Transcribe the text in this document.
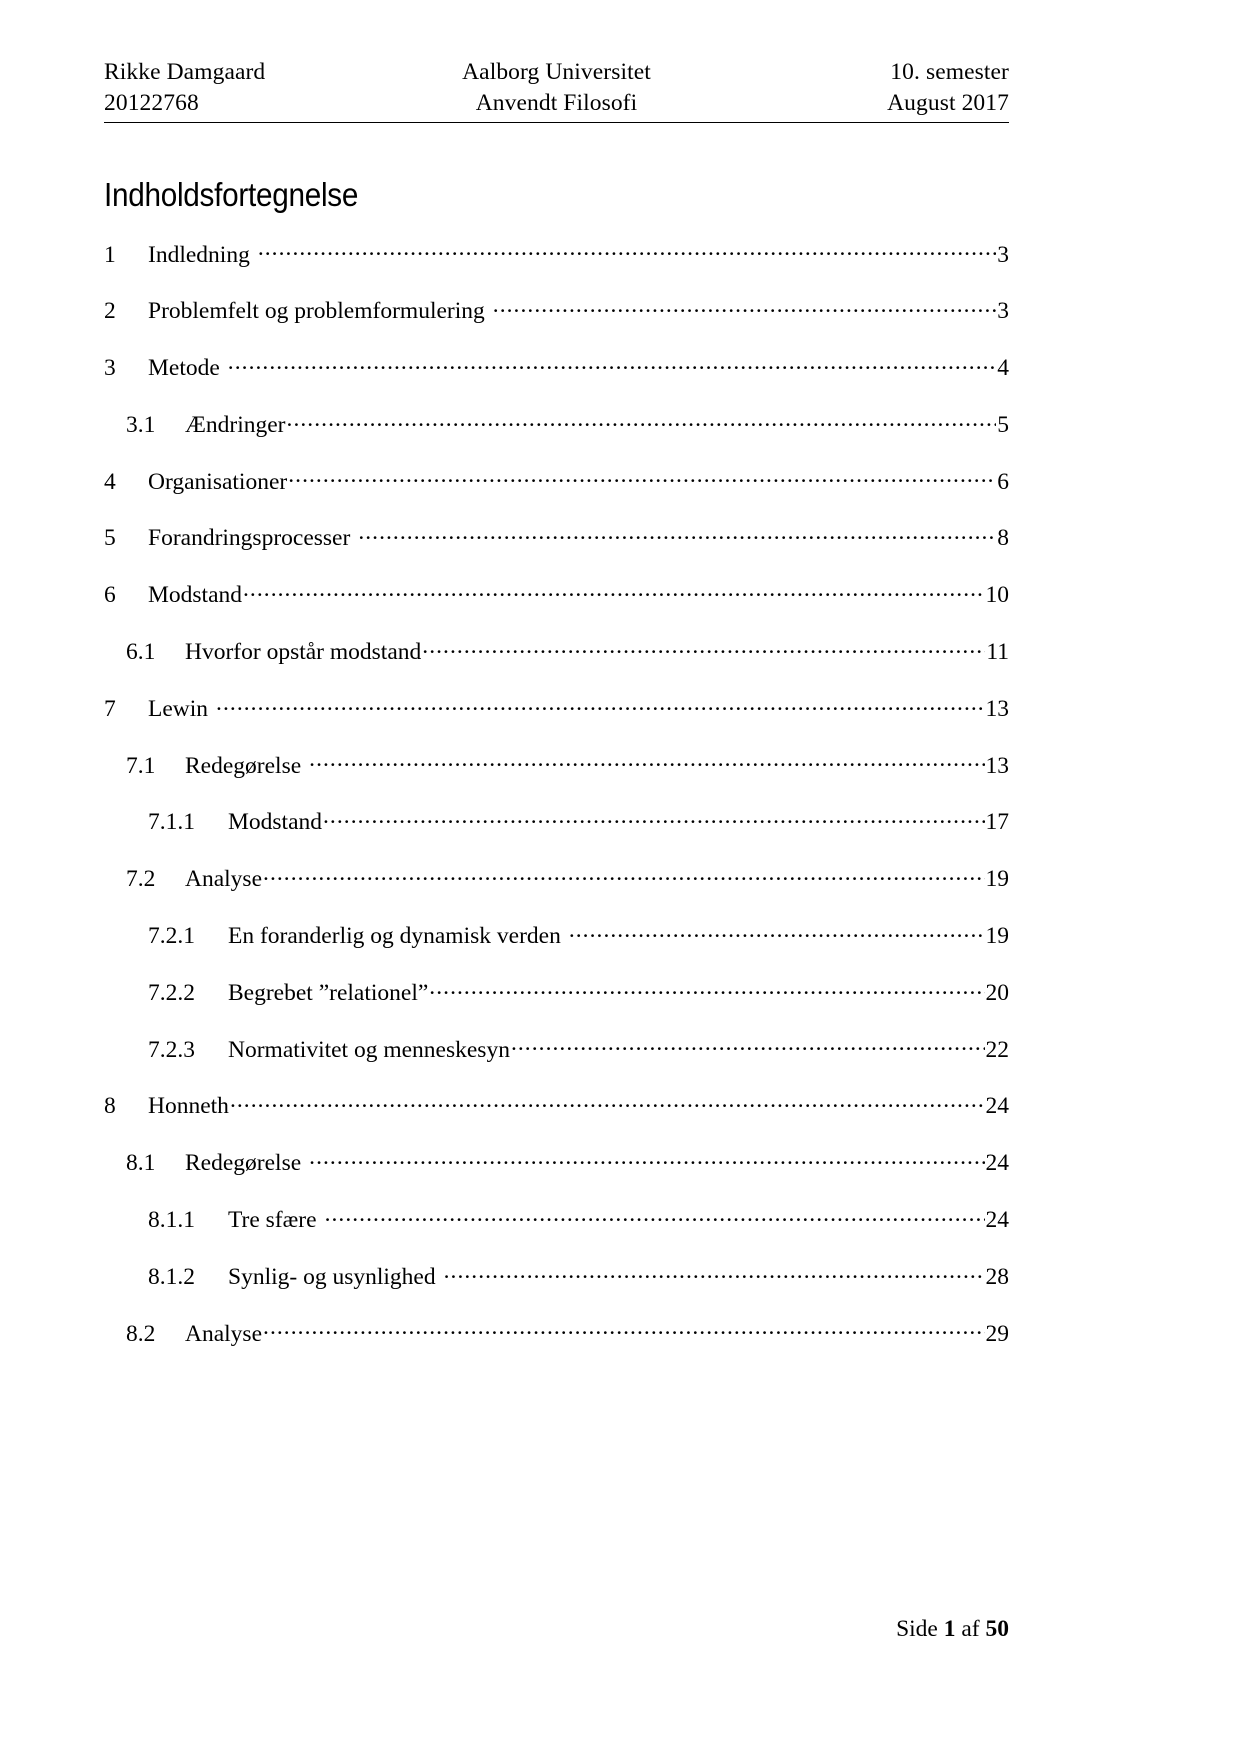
Rikke Damgaard	Aalborg Universitet	10. semester
20122768	Anvendt Filosofi	August 2017
Indholdsfortegnelse
1	Indledning .....	3
2	Problemfelt og problemformulering .....	3
3	Metode .....	4
3.1	Ændringer .....	5
4	Organisationer .....	6
5	Forandringsprocesser .....	8
6	Modstand .....	10
6.1	Hvorfor opstår modstand .....	11
7	Lewin .....	13
7.1	Redegørelse .....	13
7.1.1	Modstand .....	17
7.2	Analyse .....	19
7.2.1	En foranderlig og dynamisk verden .....	19
7.2.2	Begrebet ”relationel” .....	20
7.2.3	Normativitet og menneskesyn .....	22
8	Honneth .....	24
8.1	Redegørelse .....	24
8.1.1	Tre sfære .....	24
8.1.2	Synlig- og usynlighed .....	28
8.2	Analyse .....	29
Side 1 af 50
